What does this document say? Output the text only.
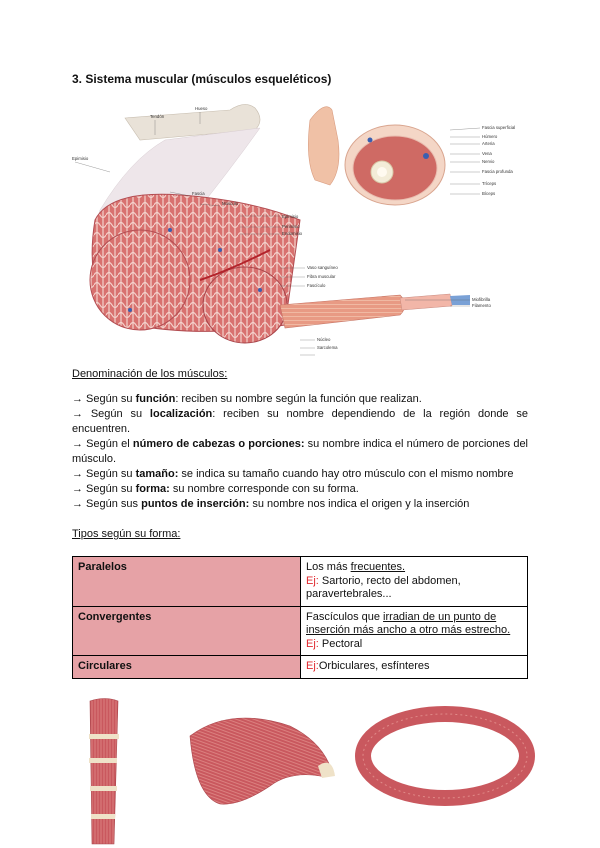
3. Sistema muscular (músculos esqueléticos)
Tendón
Hueso
Epimisio
Fascia
Músculo
Epimisio
Perimisio
Endomisio
Vaso sanguíneo
Fibra muscular
Fascículo
Miofibrilla
Filamento
Núcleo
Sarcolema
Fascia superficial
Húmero
Arteria
Vena
Nervio
Fascia profunda
Tríceps
Bíceps
Denominación de los músculos:
→ Según su función: reciben su nombre según la función que realizan.
→ Según su localización: reciben su nombre dependiendo de la región donde se encuentren.
→ Según el número de cabezas o porciones: su nombre indica el número de porciones del músculo.
→ Según su tamaño: se indica su tamaño cuando hay otro músculo con el mismo nombre
→ Según su forma: su nombre corresponde con su forma.
→ Según sus puntos de inserción: su nombre nos indica el origen y la inserción
Tipos según su forma:
Paralelos	Los más frecuentes.
Ej: Sartorio, recto del abdomen, paravertebrales...
Convergentes	Fascículos que irradian de un punto de inserción más ancho a otro más estrecho.
Ej: Pectoral
Circulares	Ej:Orbiculares, esfínteres
